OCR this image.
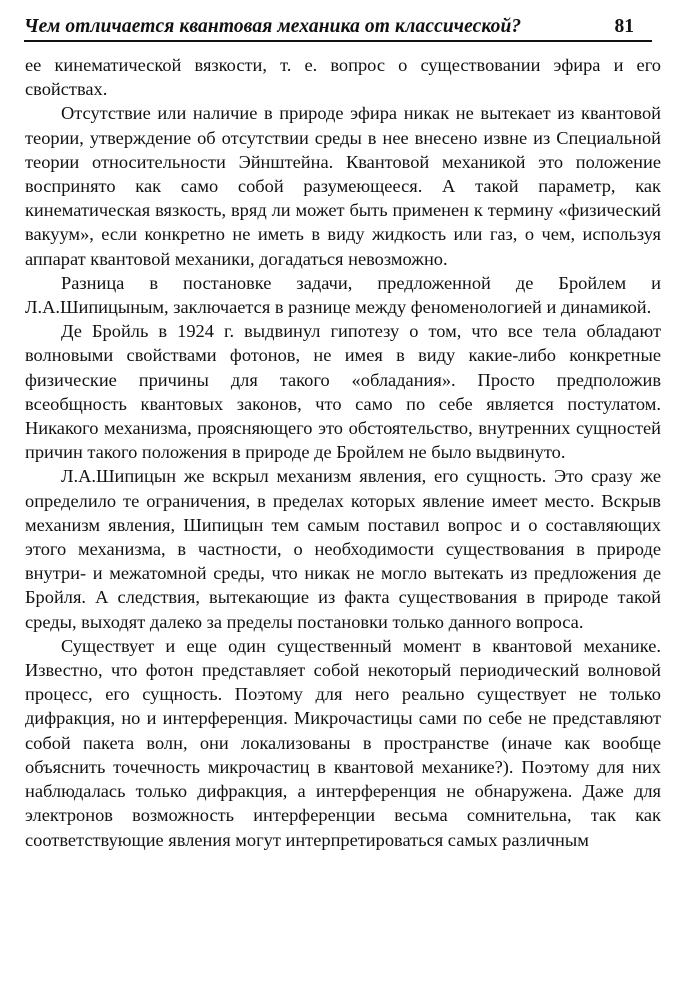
Чем отличается квантовая механика от классической?	81

ее кинематической вязкости, т. е. вопрос о существовании эфира и его свойствах.

Отсутствие или наличие в природе эфира никак не вытекает из квантовой теории, утверждение об отсутствии среды в нее внесено извне из Специальной теории относительности Эйнштейна. Квантовой механикой это положение воспринято как само собой разумеющееся. А такой параметр, как кинематическая вязкость, вряд ли может быть применен к термину «физический вакуум», если конкретно не иметь в виду жидкость или газ, о чем, используя аппарат квантовой механики, догадаться невозможно.

Разница в постановке задачи, предложенной де Бройлем и Л.А.Шипицыным, заключается в разнице между феноменологией и динамикой.

Де Бройль в 1924 г. выдвинул гипотезу о том, что все тела обладают волновыми свойствами фотонов, не имея в виду какие-либо конкретные физические причины для такого «обладания». Просто предположив всеобщность квантовых законов, что само по себе является постулатом. Никакого механизма, проясняющего это обстоятельство, внутренних сущностей причин такого положения в природе де Бройлем не было выдвинуто.

Л.А.Шипицын же вскрыл механизм явления, его сущность. Это сразу же определило те ограничения, в пределах которых явление имеет место. Вскрыв механизм явления, Шипицын тем самым поставил вопрос и о составляющих этого механизма, в частности, о необходимости существования в природе внутри- и межатомной среды, что никак не могло вытекать из предложения де Бройля. А следствия, вытекающие из факта существования в природе такой среды, выходят далеко за пределы постановки только данного вопроса.

Существует и еще один существенный момент в квантовой механике. Известно, что фотон представляет собой некоторый периодический волновой процесс, его сущность. Поэтому для него реально существует не только дифракция, но и интерференция. Микрочастицы сами по себе не представляют собой пакета волн, они локализованы в пространстве (иначе как вообще объяснить точечность микрочастиц в квантовой механике?). Поэтому для них наблюдалась только дифракция, а интерференция не обнаружена. Даже для электронов возможность интерференции весьма сомнительна, так как соответствующие явления могут интерпретироваться самых различным
